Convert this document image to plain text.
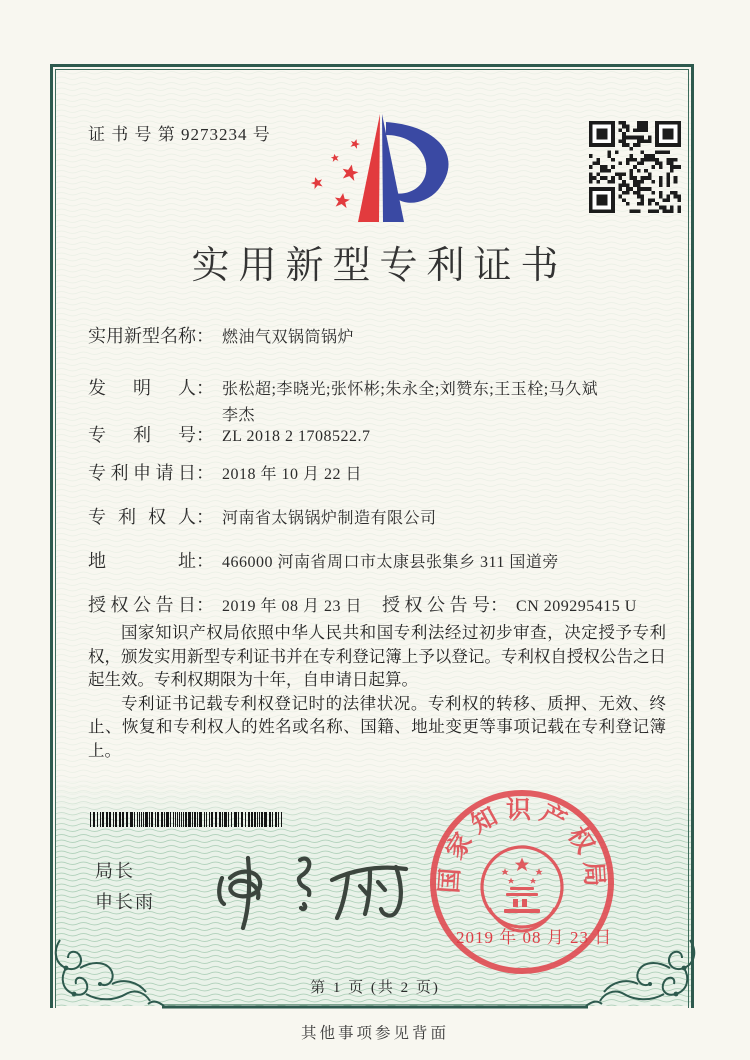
证 书 号 第 9273234 号
实用新型专利证书
实用新型名称 ： 燃油气双锅筒锅炉
发明人 ： 张松超;李晓光;张怀彬;朱永全;刘赞东;王玉栓;马久斌
李杰
专利号 ： ZL 2018 2 1708522.7
专利申请日 ： 2018 年 10 月 22 日
专利权人 ： 河南省太锅锅炉制造有限公司
地址 ： 466000 河南省周口市太康县张集乡 311 国道旁
授权公告日 ： 2019 年 08 月 23 日 授权公告号 ： CN 209295415 U

国家知识产权局依照中华人民共和国专利法经过初步审查，决定授予专利权，颁发实用新型专利证书并在专利登记簿上予以登记。专利权自授权公告之日起生效。专利权期限为十年，自申请日起算。

专利证书记载专利权登记时的法律状况。专利权的转移、质押、无效、终止、恢复和专利权人的姓名或名称、国籍、地址变更等事项记载在专利登记簿上。

局长
申长雨
国家知识产权局
2019 年 08 月 23 日
第 1 页 (共 2 页)
其他事项参见背面
